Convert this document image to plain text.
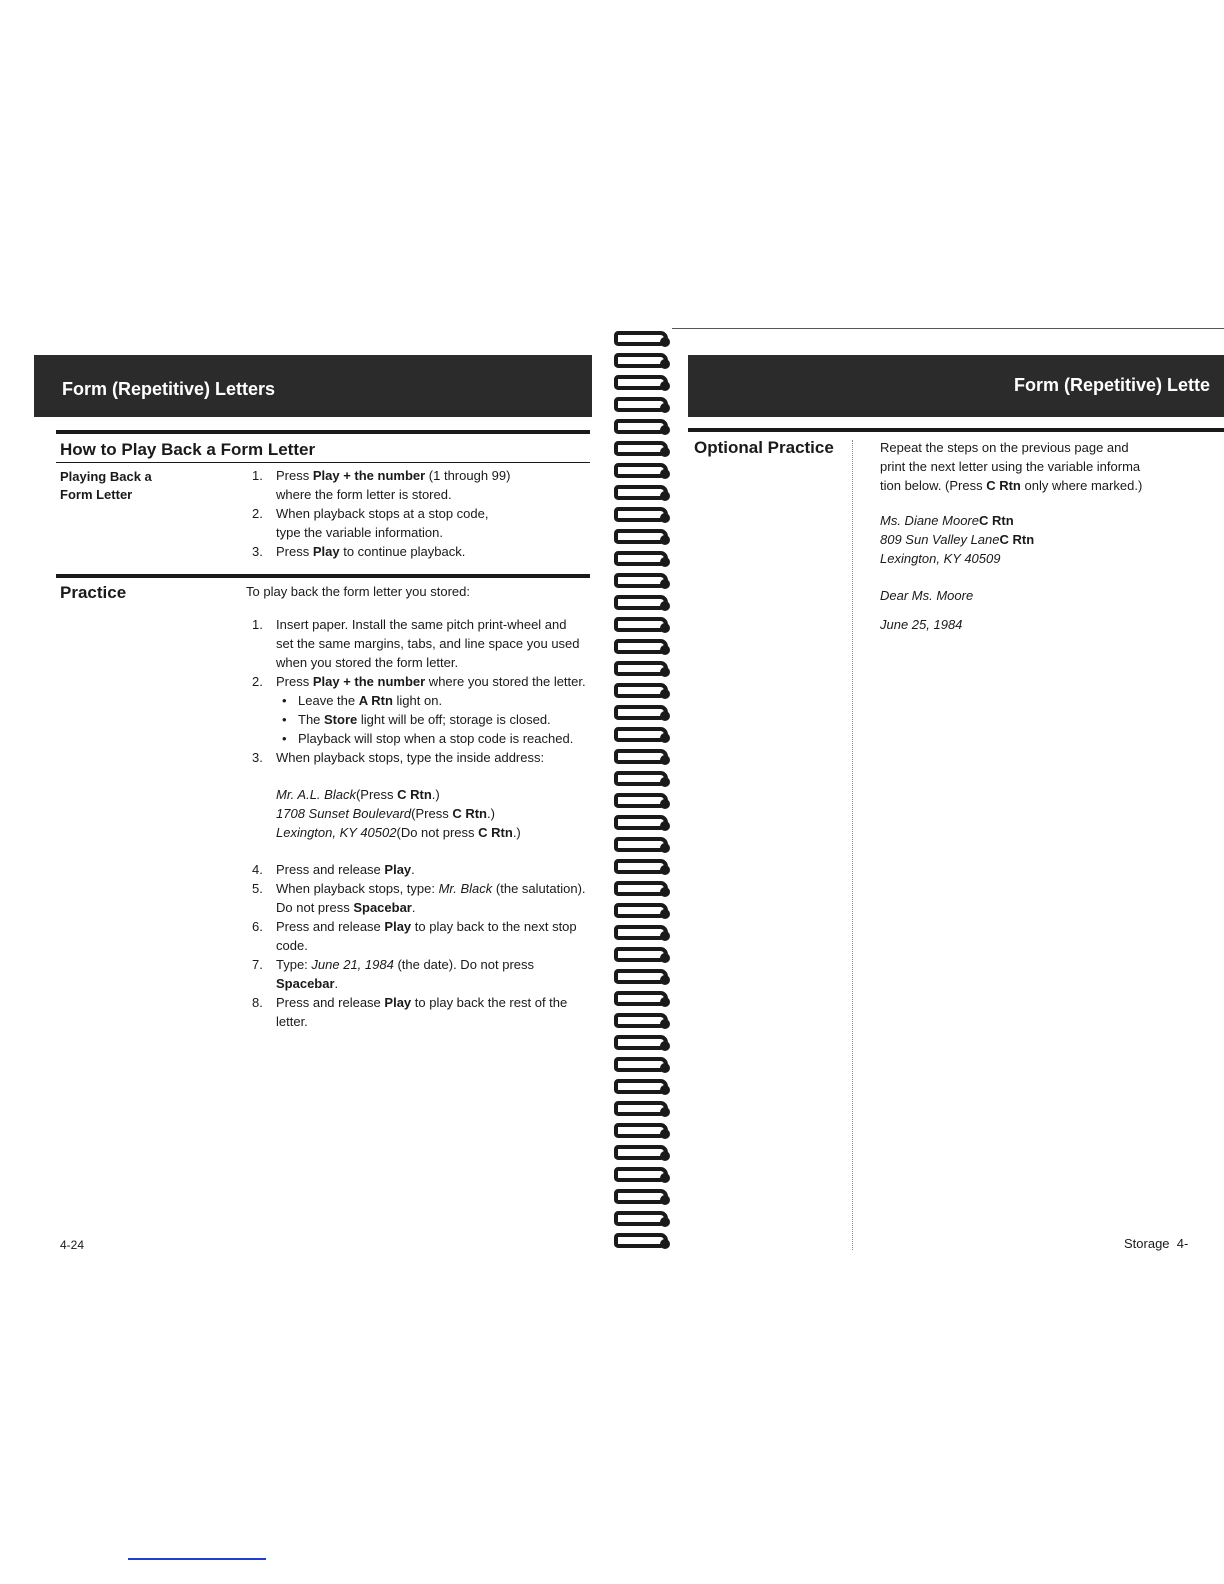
Form (Repetitive) Letters
How to Play Back a Form Letter
Playing Back a
Form Letter
1. Press Play + the number (1 through 99)
where the form letter is stored.
2. When playback stops at a stop code,
type the variable information.
3. Press Play to continue playback.
Practice	To play back the form letter you stored:
1. Insert paper. Install the same pitch print-wheel and set the same margins, tabs, and line space you used when you stored the form letter.
2. Press Play + the number where you stored the letter.
• Leave the A Rtn light on.
• The Store light will be off; storage is closed.
• Playback will stop when a stop code is reached.
3. When playback stops, type the inside address:
Mr. A.L. Black(Press C Rtn.)
1708 Sunset Boulevard(Press C Rtn.)
Lexington, KY 40502(Do not press C Rtn.)
4. Press and release Play.
5. When playback stops, type: Mr. Black (the salutation). Do not press Spacebar.
6. Press and release Play to play back to the next stop code.
7. Type: June 21, 1984 (the date). Do not press Spacebar.
8. Press and release Play to play back the rest of the letter.
4-24
Form (Repetitive) Lette
Optional Practice	Repeat the steps on the previous page and
print the next letter using the variable informa
tion below. (Press C Rtn only where marked.)
Ms. Diane MooreC Rtn
809 Sun Valley LaneC Rtn
Lexington, KY 40509
Dear Ms. Moore
June 25, 1984
Storage 4-
